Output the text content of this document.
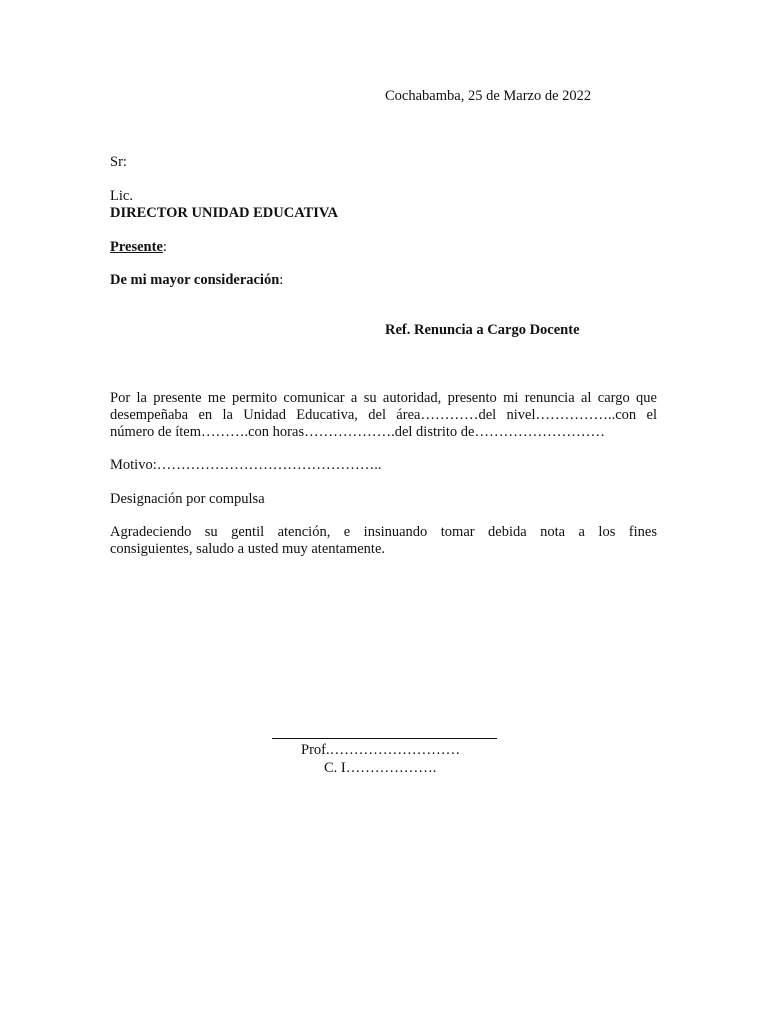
Cochabamba, 25 de Marzo de 2022
Sr:
Lic.
DIRECTOR UNIDAD EDUCATIVA
Presente:
De mi mayor consideración:
Ref. Renuncia a Cargo Docente
Por la presente me permito comunicar a su autoridad, presento mi renuncia al cargo que
desempeñaba en la Unidad Educativa, del área…………del nivel……………..con el
número de ítem……….con horas……………….del distrito de………………………
Motivo:………………………………………..
Designación por compulsa
Agradeciendo su gentil atención, e insinuando tomar debida nota a los fines
consiguientes, saludo a usted muy atentamente.
Prof.………………………
C. I……………….
